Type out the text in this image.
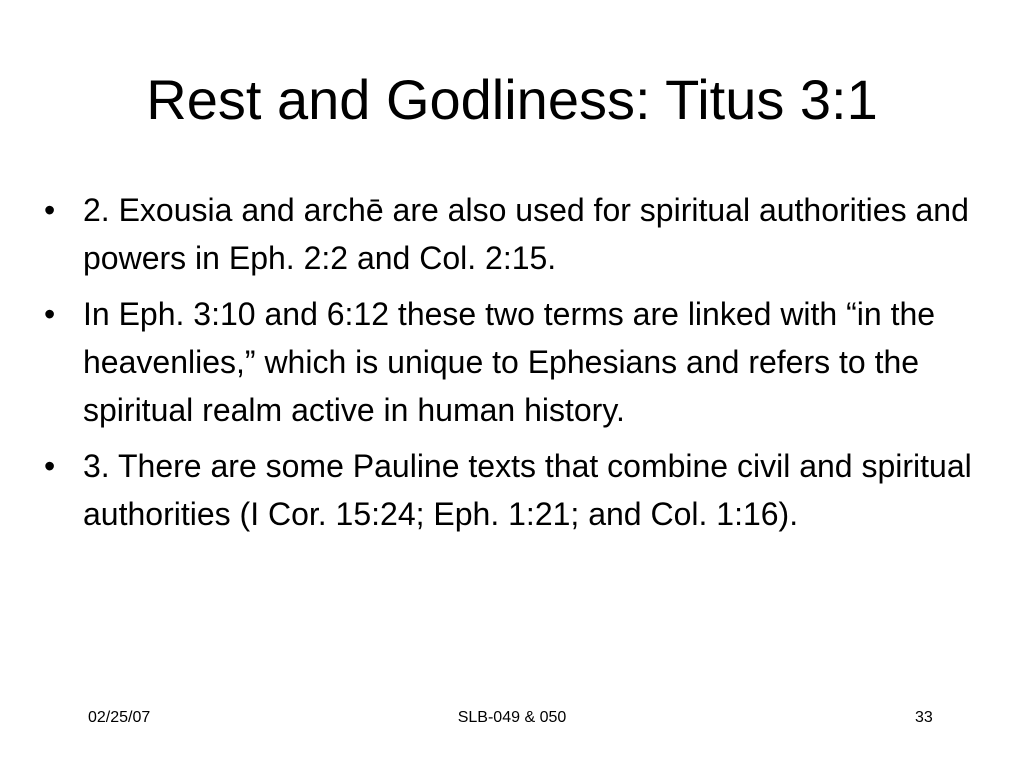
Rest and Godliness: Titus 3:1
• 2. Exousia and archē are also used for spiritual authorities and powers in Eph. 2:2 and Col. 2:15.
• In Eph. 3:10 and 6:12 these two terms are linked with “in the heavenlies,” which is unique to Ephesians and refers to the spiritual realm active in human history.
• 3. There are some Pauline texts that combine civil and spiritual authorities (I Cor. 15:24; Eph. 1:21; and Col. 1:16).
02/25/07	SLB-049 & 050	33
